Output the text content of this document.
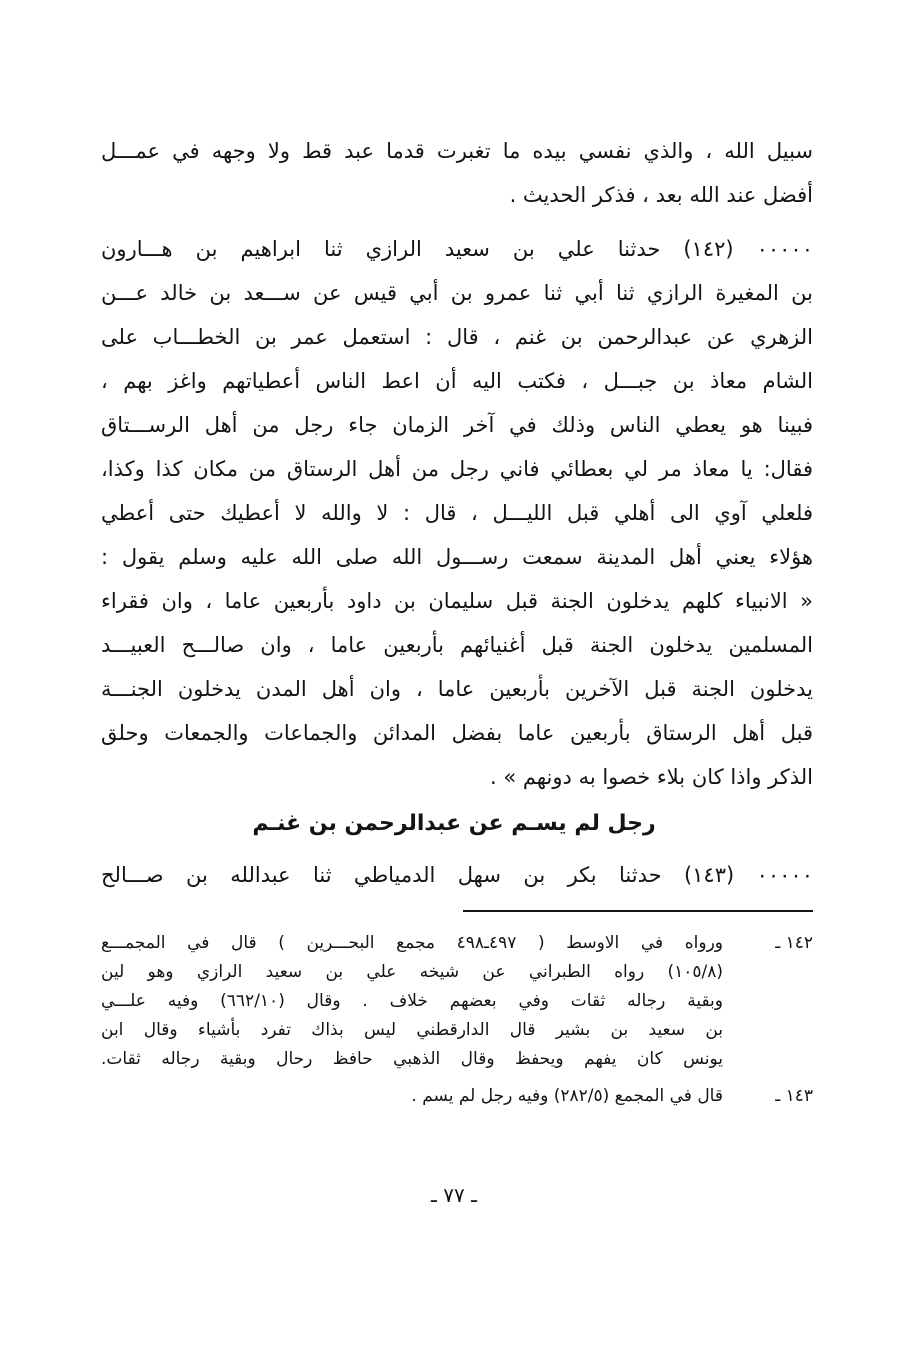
سبيل الله ، والذي نفسي بيده ما تغبرت قدما عبد قط ولا وجهه في عمـــل
أفضل عند الله بعد ، فذكر الحديث .
٠٠٠٠٠ (١٤٢) حدثنا علي بن سعيد الرازي ثنا ابراهيم بن هـــارون
بن المغيرة الرازي ثنا أبي ثنا عمرو بن أبي قيس عن ســـعد بن خالد عـــن
الزهري عن عبدالرحمن بن غنم ، قال : استعمل عمر بن الخطـــاب على
الشام معاذ بن جبـــل ، فكتب اليه أن اعط الناس أعطياتهم واغز بهم ،
فبينا هو يعطي الناس وذلك في آخر الزمان جاء رجل من أهل الرســـتاق
فقال: يا معاذ مر لي بعطائي فاني رجل من أهل الرستاق من مكان كذا وكذا،
فلعلي آوي الى أهلي قبل الليـــل ، قال : لا والله لا أعطيك حتى أعطي
هؤلاء يعني أهل المدينة سمعت رســـول الله صلى الله عليه وسلم يقول :
« الانبياء كلهم يدخلون الجنة قبل سليمان بن داود بأربعين عاما ، وان فقراء
المسلمين يدخلون الجنة قبل أغنيائهم بأربعين عاما ، وان صالـــح العبيـــد
يدخلون الجنة قبل الآخرين بأربعين عاما ، وان أهل المدن يدخلون الجنـــة
قبل أهل الرستاق بأربعين عاما بفضل المدائن والجماعات والجمعات وحلق
الذكر واذا كان بلاء خصوا به دونهم » .
رجل لم يسـم عن عبدالرحمن بن غنـم
٠٠٠٠٠ (١٤٣) حدثنا بكر بن سهل الدمياطي ثنا عبدالله بن صـــالح
١٤٢ ـ
ورواه في الاوسط ( ٤٩٧ـ٤٩٨ مجمع البحـــرين ) قال في المجمـــع
(١٠٥/٨) رواه الطبراني عن شيخه علي بن سعيد الرازي وهو لين
وبقية رجاله ثقات وفي بعضهم خلاف . وقال (٦٦٢/١٠) وفيه علـــي
بن سعيد بن بشير قال الدارقطني ليس بذاك تفرد بأشياء وقال ابن
يونس كان يفهم ويحفظ وقال الذهبي حافظ رحال وبقية رجاله ثقات.
١٤٣ ـ
قال في المجمع (٢٨٢/٥) وفيه رجل لم يسم .
ـ ٧٧ ـ
